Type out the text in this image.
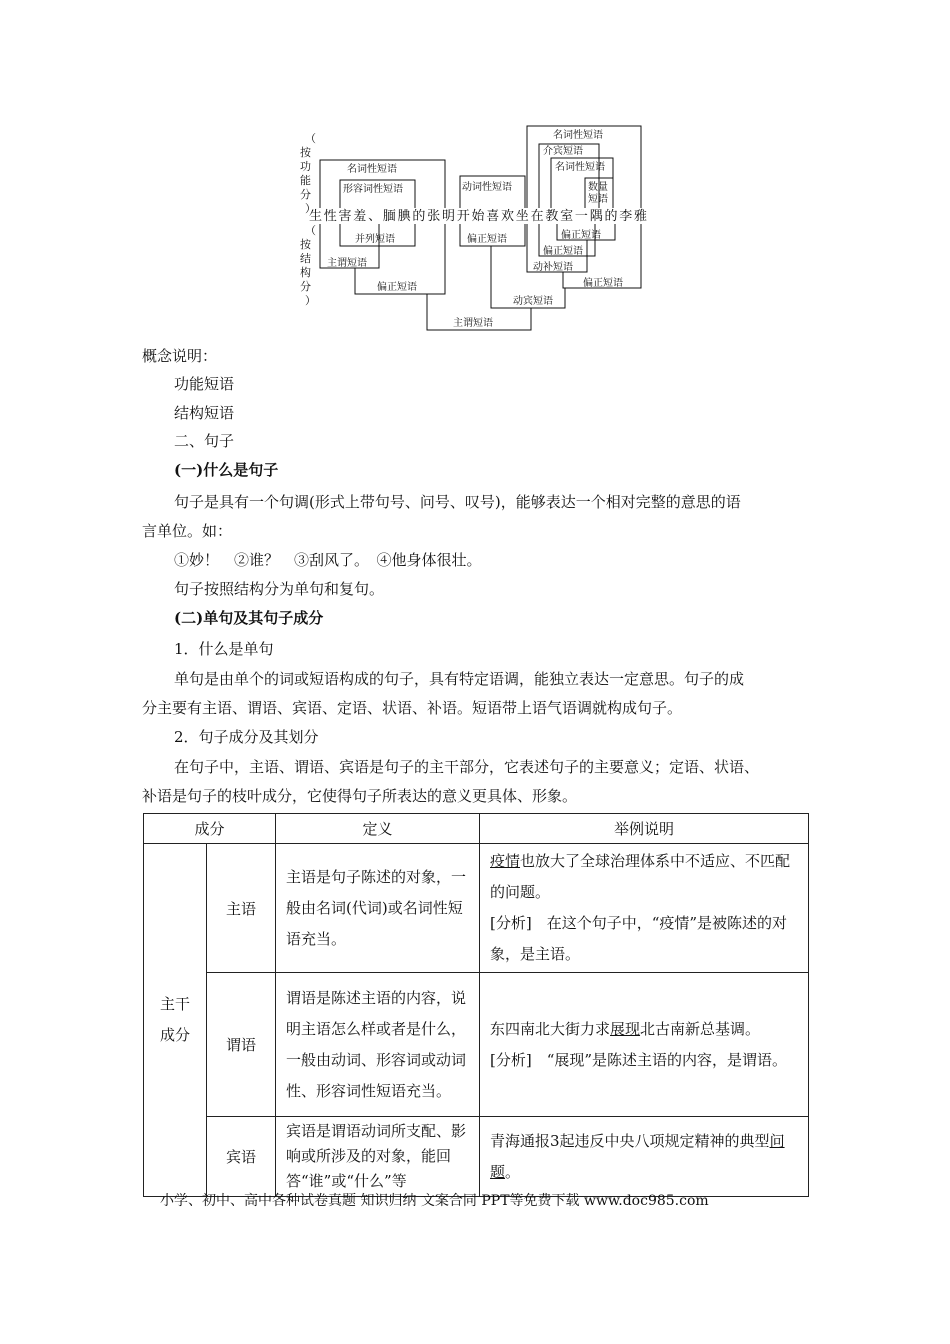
（
按
功
能
分
）
（
按
结
构
分
）
生 性 害 羞 、 腼 腆 的 张 明 开 始 喜 欢 坐 在 教 室 一 隅 的 李 雅
名词性短语
形容词性短语	动词性短语
名词性短语
介宾短语
名词性短语
数量
短语
并列短语
主谓短语
偏正短语
偏正短语	偏正短语
偏正短语
动补短语
偏正短语
动宾短语
主谓短语
概念说明：
功能短语
结构短语
二、句子
(一)什么是句子
句子是具有一个句调(形式上带句号、问号、叹号)，能够表达一个相对完整的意思的语
言单位。如：
①妙！　②谁？　③刮风了。　④他身体很壮。
句子按照结构分为单句和复句。
(二)单句及其句子成分
1．什么是单句
单句是由单个的词或短语构成的句子，具有特定语调，能独立表达一定意思。句子的成
分主要有主语、谓语、宾语、定语、状语、补语。短语带上语气语调就构成句子。
2．句子成分及其划分
在句子中，主语、谓语、宾语是句子的主干部分，它表述句子的主要意义；定语、状语、
补语是句子的枝叶成分，它使得句子所表达的意义更具体、形象。
成分		定义	举例说明

主干成分	主语	主语是句子陈述的对象，一般由名词(代词)或名词性短语充当。	疫情也放大了全球治理体系中不适应、不匹配的问题。
[分析]　在这个句子中，“疫情”是被陈述的对象，是主语。

	谓语	谓语是陈述主语的内容，说明主语怎么样或者是什么，一般由动词、形容词或动词性、形容词性短语充当。	东四南北大街力求展现北古南新总基调。
[分析]　“展现”是陈述主语的内容，是谓语。

	宾语	宾语是谓语动词所支配、影响或所涉及的对象，能回答“谁”或“什么”等	青海通报3起违反中央八项规定精神的典型问题。
小学、初中、高中各种试卷真题 知识归纳 文案合同 PPT等免费下载 www.doc985.com
